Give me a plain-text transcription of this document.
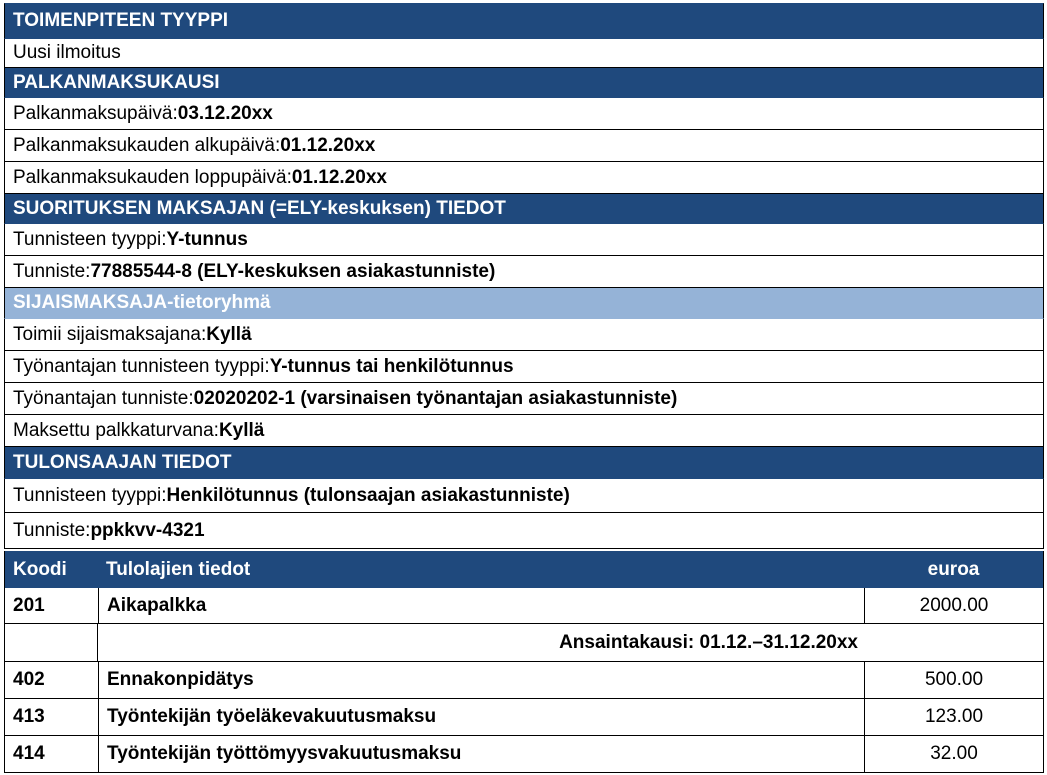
TOIMENPITEEN TYYPPI
Uusi ilmoitus
PALKANMAKSUKAUSI
Palkanmaksupäivä: 03.12.20xx
Palkanmaksukauden alkupäivä: 01.12.20xx
Palkanmaksukauden loppupäivä: 01.12.20xx
SUORITUKSEN MAKSAJAN (=ELY-keskuksen) TIEDOT
Tunnisteen tyyppi: Y-tunnus
Tunniste: 77885544-8 (ELY-keskuksen asiakastunniste)
SIJAISMAKSAJA-tietoryhmä
Toimii sijaismaksajana: Kyllä
Työnantajan tunnisteen tyyppi: Y-tunnus tai henkilötunnus
Työnantajan tunniste: 02020202-1 (varsinaisen työnantajan asiakastunniste)
Maksettu palkkaturvana: Kyllä
TULONSAAJAN TIEDOT
Tunnisteen tyyppi: Henkilötunnus (tulonsaajan asiakastunniste)
Tunniste: ppkkvv-4321
Koodi	Tulolajien tiedot	euroa
201	Aikapalkka	2000.00
Ansaintakausi: 01.12.–31.12.20xx
402	Ennakonpidätys	500.00
413	Työntekijän työeläkevakuutusmaksu	123.00
414	Työntekijän työttömyysvakuutusmaksu	32.00
